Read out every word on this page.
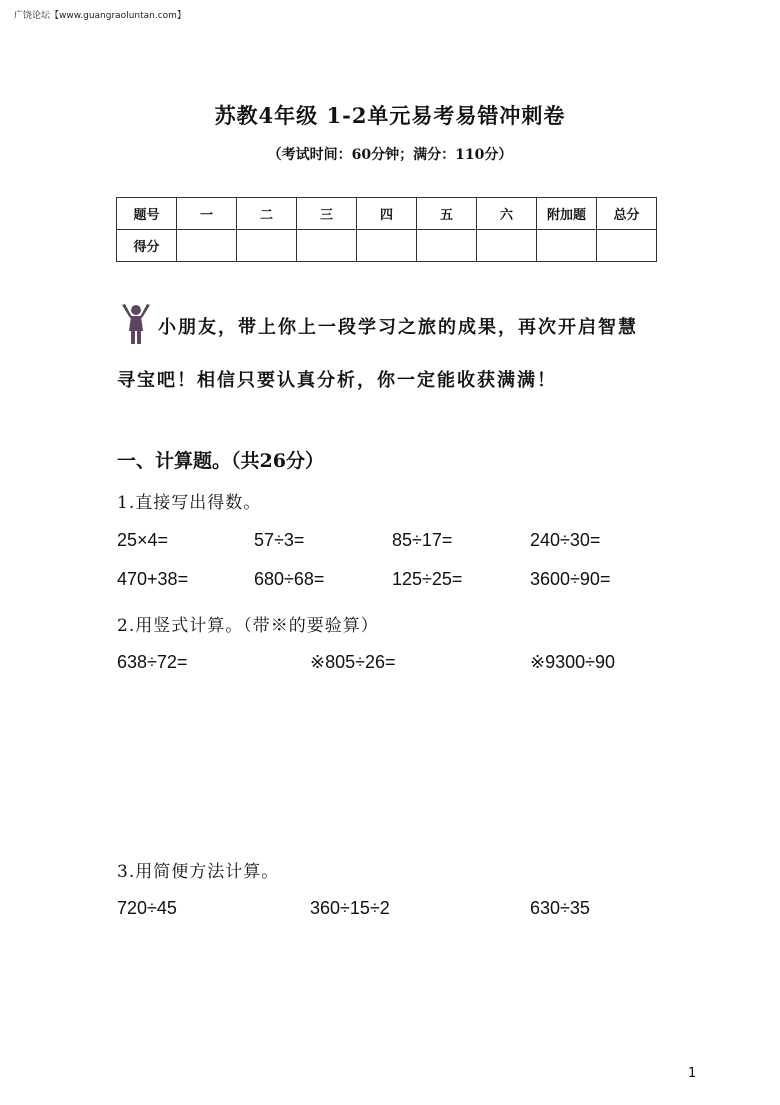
广饶论坛【www.guangraoluntan.com】
苏教4年级 1-2单元易考易错冲刺卷
（考试时间：60分钟；满分：110分）
题号	一	二	三	四	五	六	附加题	总分
得分								
小朋友，带上你上一段学习之旅的成果，再次开启智慧
寻宝吧！相信只要认真分析，你一定能收获满满！
一、计算题。（共26分）
1.直接写出得数。
25×4=	57÷3=	85÷17=	240÷30=
470+38=	680÷68=	125÷25=	3600÷90=
2.用竖式计算。（带※的要验算）
638÷72=	※805÷26=	※9300÷90
3.用简便方法计算。
720÷45	360÷15÷2	630÷35
1
